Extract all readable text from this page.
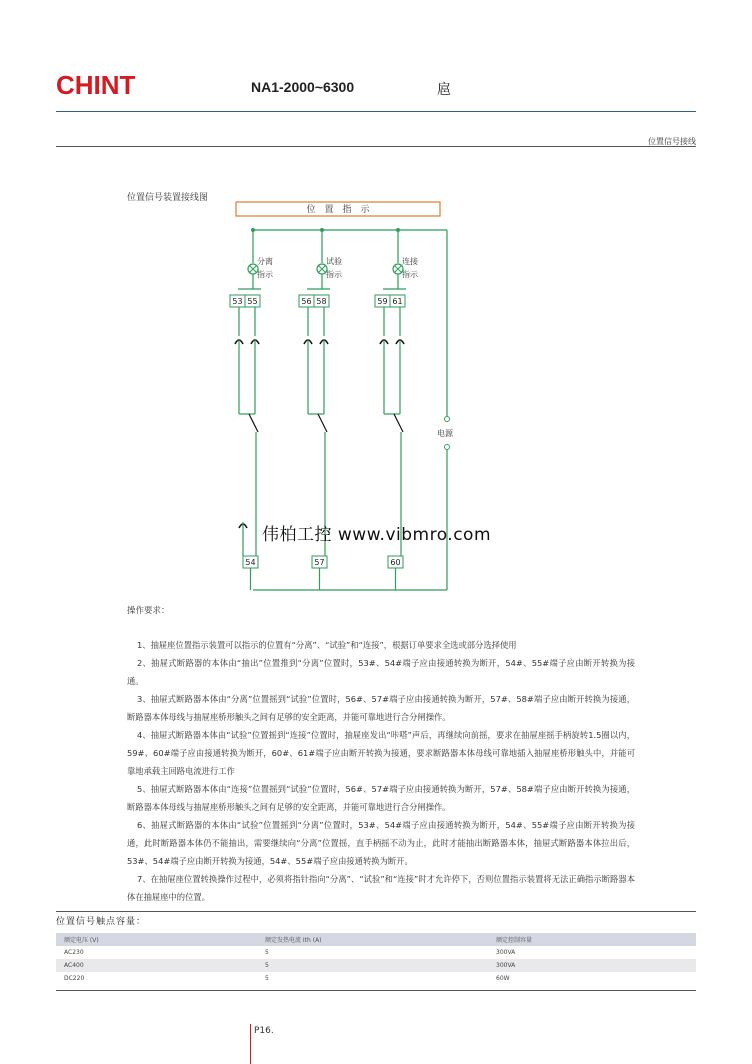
CHINT	NA1-2000~6300	扈
位置信号接线
位置信号装置接线图
分离
指示
53 55
试验
指示
56 58
连接
指示
59 61
54	57	60
位　置　指　示
电源
伟柏工控 www.vibmro.com
操作要求：

1、抽屉座位置指示装置可以指示的位置有“分离”、“试验”和“连接”，根据订单要求全选或部分选择使用

2、抽屉式断路器的本体由“抽出”位置推到“分离”位置时，53#、54#端子应由接通转换为断开，54#、55#端子应由断开转换为接通。

3、抽屉式断路器本体由“分离”位置摇到“试验”位置时，56#、57#端子应由接通转换为断开，57#、58#端子应由断开转换为接通，断路器本体母线与抽屉座桥形触头之间有足够的安全距离，并能可靠地进行合分闸操作。

4、抽屉式断路器本体由“试验”位置摇到“连接”位置时，抽屉座发出“咔嗒”声后，再继续向前摇，要求在抽屉座摇手柄旋转1.5圈以内，59#、60#端子应由接通转换为断开，60#、61#端子应由断开转换为接通，要求断路器本体母线可靠地插入抽屉座桥形触头中，并能可靠地承载主回路电流进行工作

5、抽屉式断路器本体由“连接”位置摇到“试验”位置时，56#、57#端子应由接通转换为断开，57#、58#端子应由断开转换为接通，断路器本体母线与抽屉座桥形触头之间有足够的安全距离，并能可靠地进行合分闸操作。

6、抽屉式断路器的本体由“试验”位置摇到“分离”位置时，53#、54#端子应由接通转换为断开，54#、55#端子应由断开转换为接通，此时断路器本体仍不能抽出，需要继续向“分离”位置摇，直手柄摇不动为止，此时才能抽出断路器本体，抽屉式断路器本体拉出后，53#、54#端子应由断开转换为接通，54#、55#端子应由接通转换为断开。

7、在抽屉座位置转换操作过程中，必须将指针指向“分离”、“试验”和“连接”时才允许停下，否则位置指示装置将无法正确指示断路器本体在抽屉座中的位置。

位置信号触点容量：
额定电压 (V)	额定发热电流 Ith (A)	额定控制容量
AC230	5	300VA
AC400	5	300VA
DC220	5	60W
P16.
